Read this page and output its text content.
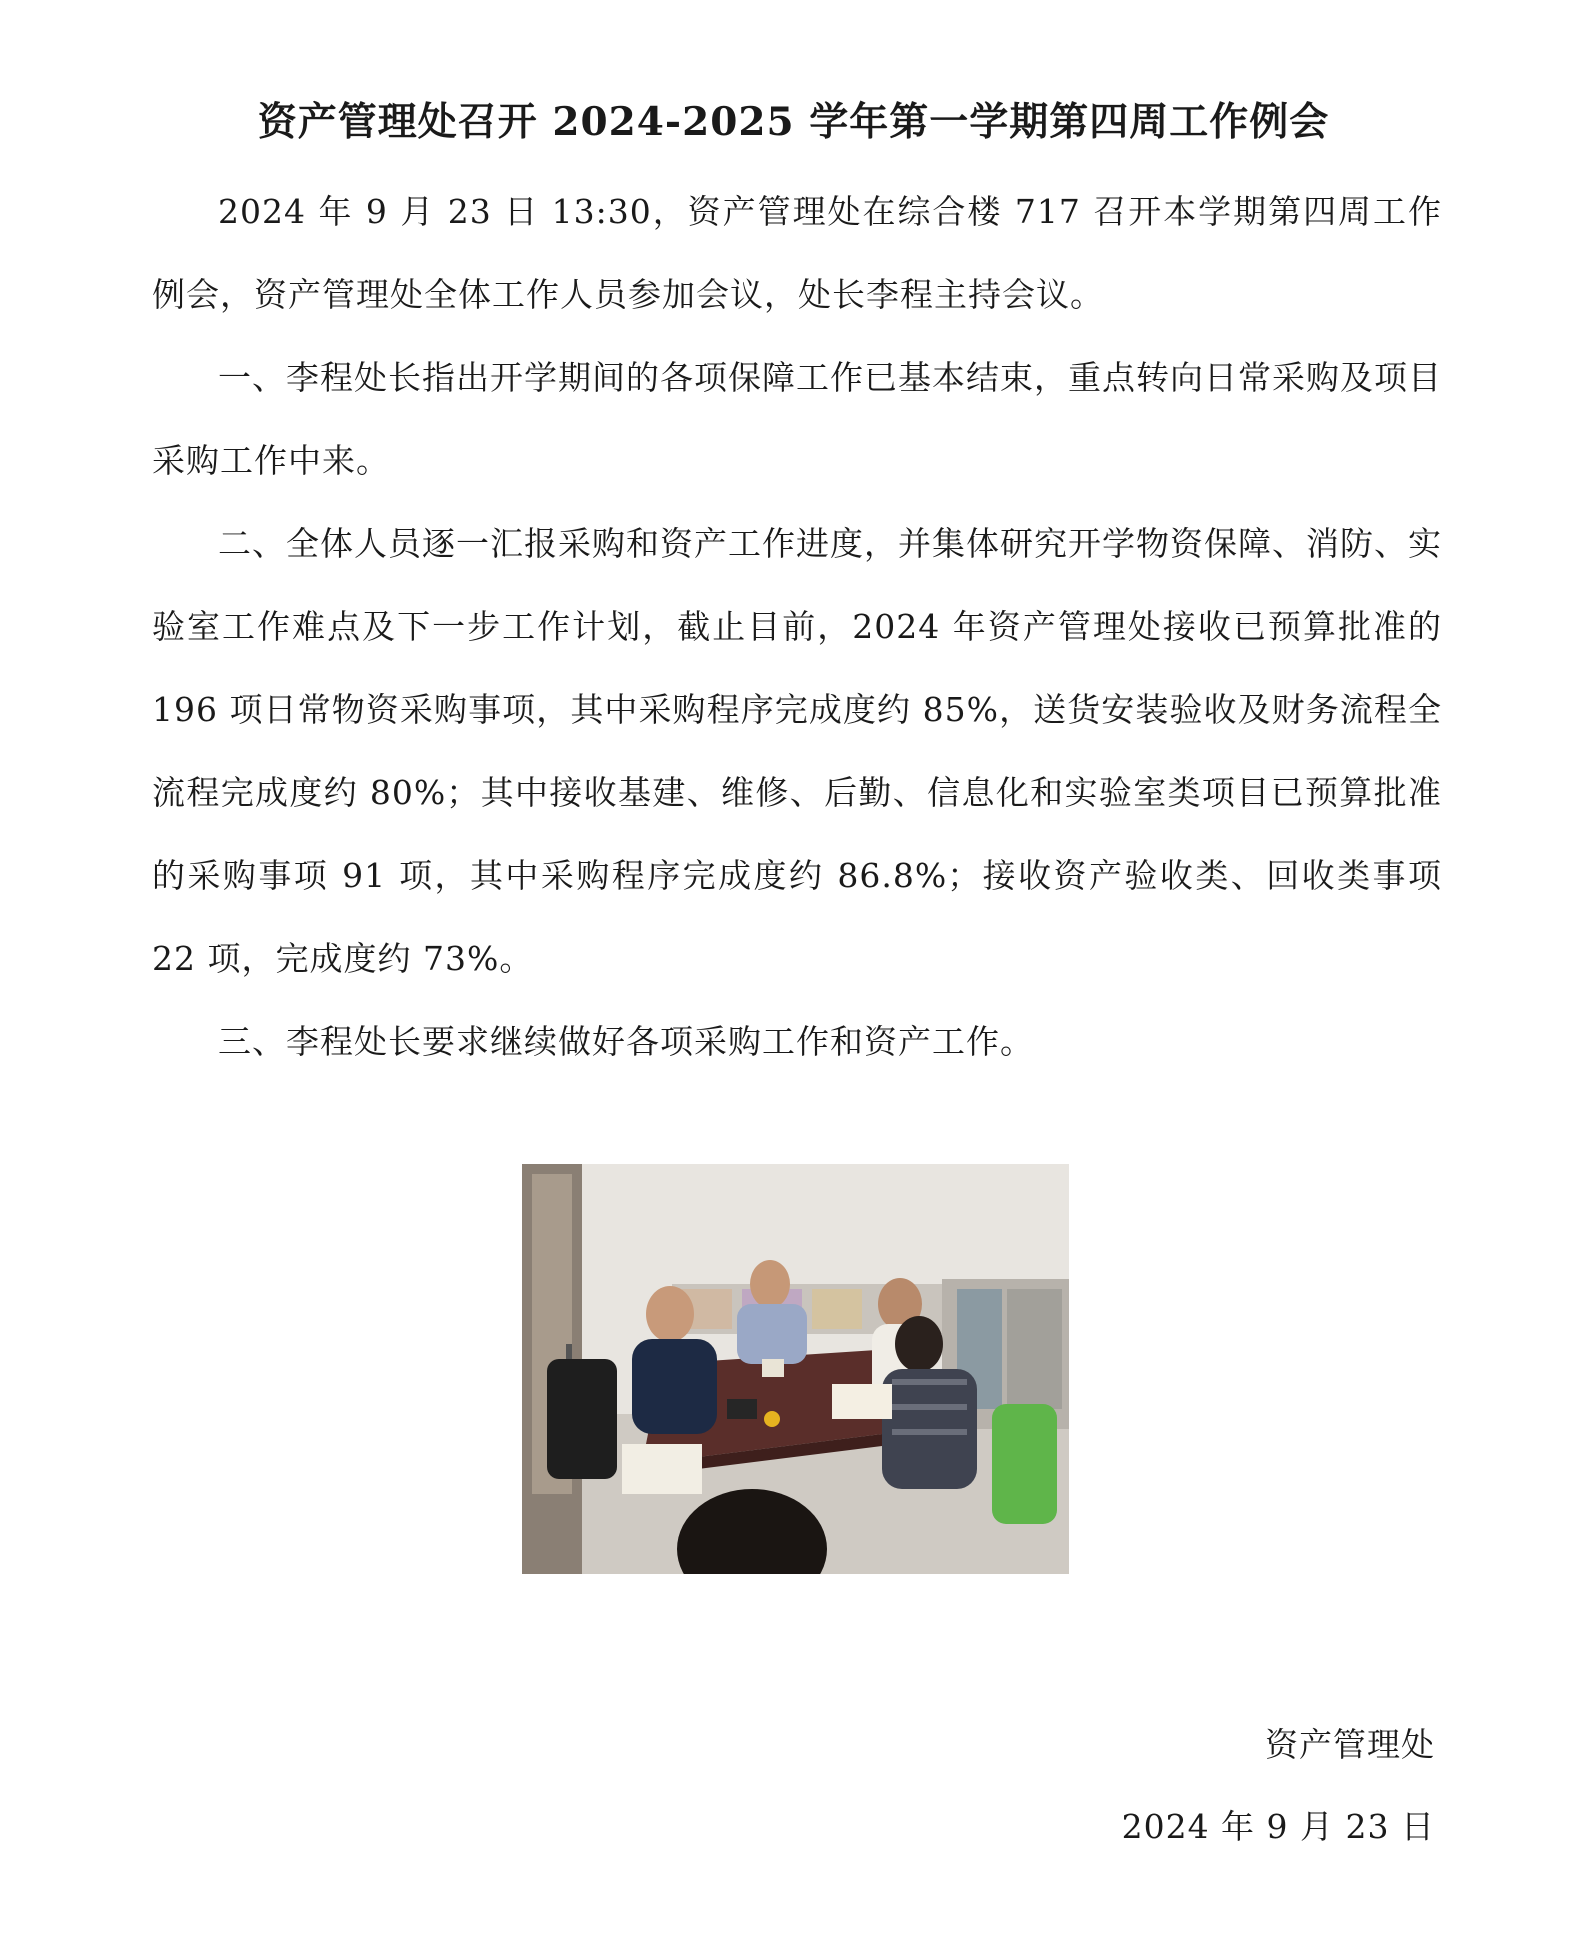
资产管理处召开 2024-2025 学年第一学期第四周工作例会

2024 年 9 月 23 日 13:30，资产管理处在综合楼 717 召开本学期第四周工作例会，资产管理处全体工作人员参加会议，处长李程主持会议。

一、李程处长指出开学期间的各项保障工作已基本结束，重点转向日常采购及项目采购工作中来。

二、全体人员逐一汇报采购和资产工作进度，并集体研究开学物资保障、消防、实验室工作难点及下一步工作计划，截止目前，2024 年资产管理处接收已预算批准的 196 项日常物资采购事项，其中采购程序完成度约 85%，送货安装验收及财务流程全流程完成度约 80%；其中接收基建、维修、后勤、信息化和实验室类项目已预算批准的采购事项 91 项，其中采购程序完成度约 86.8%；接收资产验收类、回收类事项 22 项，完成度约 73%。

三、李程处长要求继续做好各项采购工作和资产工作。

资产管理处

2024 年 9 月 23 日
